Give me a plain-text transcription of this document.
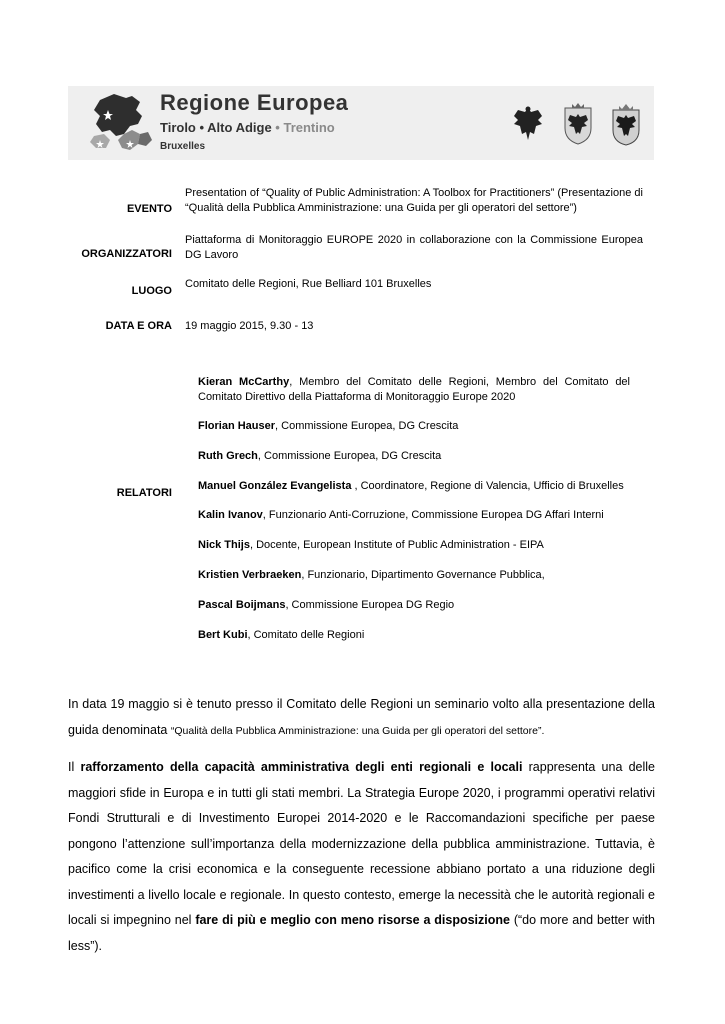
Regione Europea
Tirolo • Alto Adige • Trentino
Bruxelles
EVENTO
Presentation of “Quality of Public Administration: A Toolbox for Practitioners” (Presentazione di “Qualità della Pubblica Amministrazione: una Guida per gli operatori del settore”)
ORGANIZZATORI
Piattaforma di Monitoraggio EUROPE 2020 in collaborazione con la Commissione Europea DG Lavoro
LUOGO
Comitato delle Regioni, Rue Belliard 101 Bruxelles
DATA E ORA 19 maggio 2015, 9.30 - 13
RELATORI
Kieran McCarthy, Membro del Comitato delle Regioni, Membro del Comitato del Comitato Direttivo della Piattaforma di Monitoraggio Europe 2020
Florian Hauser, Commissione Europea, DG Crescita
Ruth Grech, Commissione Europea, DG Crescita
Manuel González Evangelista , Coordinatore, Regione di Valencia, Ufficio di Bruxelles
Kalin Ivanov, Funzionario Anti-Corruzione, Commissione Europea DG Affari Interni
Nick Thijs, Docente, European Institute of Public Administration - EIPA
Kristien Verbraeken, Funzionario, Dipartimento Governance Pubblica,
Pascal Boijmans, Commissione Europea DG Regio
Bert Kubi, Comitato delle Regioni

In data 19 maggio si è tenuto presso il Comitato delle Regioni un seminario volto alla presentazione della guida denominata “Qualità della Pubblica Amministrazione: una Guida per gli operatori del settore”.

Il rafforzamento della capacità amministrativa degli enti regionali e locali rappresenta una delle maggiori sfide in Europa e in tutti gli stati membri. La Strategia Europe 2020, i programmi operativi relativi Fondi Strutturali e di Investimento Europei 2014-2020 e le Raccomandazioni specifiche per paese pongono l’attenzione sull’importanza della modernizzazione della pubblica amministrazione. Tuttavia, è pacifico come la crisi economica e la conseguente recessione abbiano portato a una riduzione degli investimenti a livello locale e regionale. In questo contesto, emerge la necessità che le autorità regionali e locali si impegnino nel fare di più e meglio con meno risorse a disposizione (“do more and better with less”).
